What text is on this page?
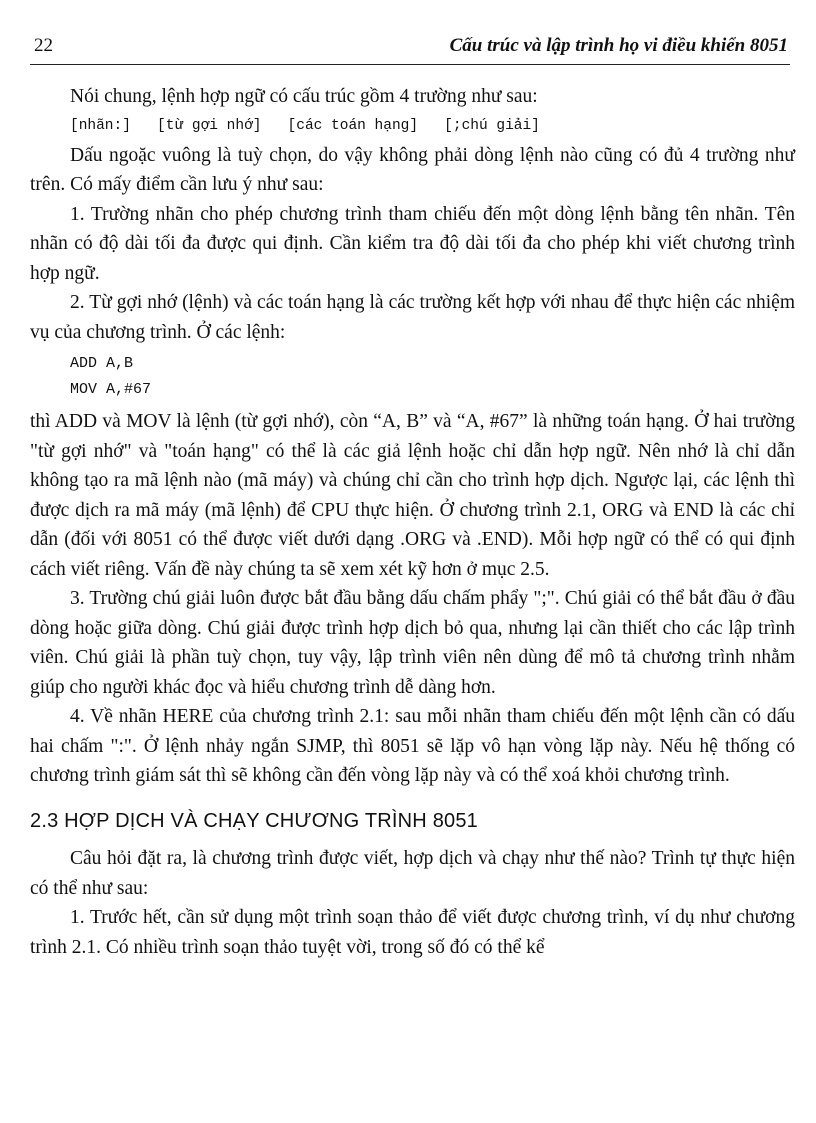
22	Cấu trúc và lập trình họ vi điều khiển 8051

Nói chung, lệnh hợp ngữ có cấu trúc gồm 4 trường như sau:

[nhãn:]   [từ gợi nhớ]   [các toán hạng]   [;chú giải]

Dấu ngoặc vuông là tuỳ chọn, do vậy không phải dòng lệnh nào cũng có đủ 4 trường như trên. Có mấy điểm cần lưu ý như sau:

1. Trường nhãn cho phép chương trình tham chiếu đến một dòng lệnh bằng tên nhãn. Tên nhãn có độ dài tối đa được qui định. Cần kiểm tra độ dài tối đa cho phép khi viết chương trình hợp ngữ.

2. Từ gợi nhớ (lệnh) và các toán hạng là các trường kết hợp với nhau để thực hiện các nhiệm vụ của chương trình. Ở các lệnh:

ADD A,B
MOV A,#67

thì ADD và MOV là lệnh (từ gợi nhớ), còn “A, B” và “A, #67” là những toán hạng. Ở hai trường "từ gợi nhớ" và "toán hạng" có thể là các giả lệnh hoặc chỉ dẫn hợp ngữ. Nên nhớ là chỉ dẫn không tạo ra mã lệnh nào (mã máy) và chúng chỉ cần cho trình hợp dịch. Ngược lại, các lệnh thì được dịch ra mã máy (mã lệnh) để CPU thực hiện. Ở chương trình 2.1, ORG và END là các chỉ dẫn (đối với 8051 có thể được viết dưới dạng .ORG và .END). Mỗi hợp ngữ có thể có qui định cách viết riêng. Vấn đề này chúng ta sẽ xem xét kỹ hơn ở mục 2.5.

3. Trường chú giải luôn được bắt đầu bằng dấu chấm phẩy ";". Chú giải có thể bắt đầu ở đầu dòng hoặc giữa dòng. Chú giải được trình hợp dịch bỏ qua, nhưng lại cần thiết cho các lập trình viên. Chú giải là phần tuỳ chọn, tuy vậy, lập trình viên nên dùng để mô tả chương trình nhằm giúp cho người khác đọc và hiểu chương trình dễ dàng hơn.

4. Về nhãn HERE của chương trình 2.1: sau mỗi nhãn tham chiếu đến một lệnh cần có dấu hai chấm ":". Ở lệnh nhảy ngắn SJMP, thì 8051 sẽ lặp vô hạn vòng lặp này. Nếu hệ thống có chương trình giám sát thì sẽ không cần đến vòng lặp này và có thể xoá khỏi chương trình.

2.3 HỢP DỊCH VÀ CHẠY CHƯƠNG TRÌNH 8051

Câu hỏi đặt ra, là chương trình được viết, hợp dịch và chạy như thế nào? Trình tự thực hiện có thể như sau:

1. Trước hết, cần sử dụng một trình soạn thảo để viết được chương trình, ví dụ như chương trình 2.1. Có nhiều trình soạn thảo tuyệt vời, trong số đó có thể kể
